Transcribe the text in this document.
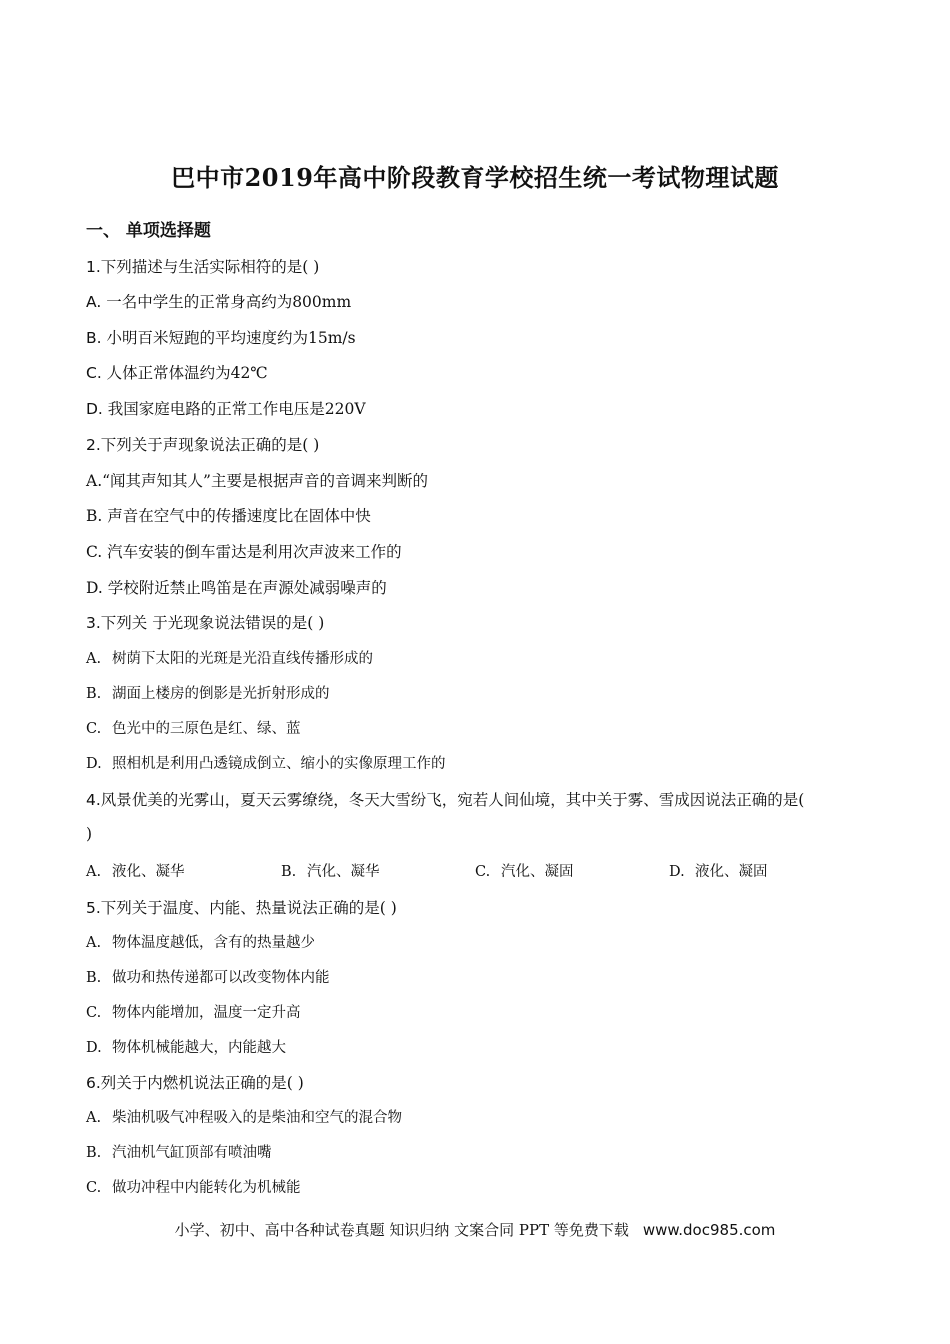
巴中市2019年高中阶段教育学校招生统一考试物理试题
一、 单项选择题
1.下列描述与生活实际相符的是( )
A. 一名中学生的正常身高约为800mm
B. 小明百米短跑的平均速度约为15m/s
C. 人体正常体温约为42℃
D. 我国家庭电路的正常工作电压是220V
2.下列关于声现象说法正确的是( )
A.“闻其声知其人”主要是根据声音的音调来判断的
B. 声音在空气中的传播速度比在固体中快
C. 汽车安装的倒车雷达是利用次声波来工作的
D. 学校附近禁止鸣笛是在声源处减弱噪声的
3.下列关 于光现象说法错误的是( )
A. 树荫下太阳的光斑是光沿直线传播形成的
B. 湖面上楼房的倒影是光折射形成的
C. 色光中的三原色是红、绿、蓝
D. 照相机是利用凸透镜成倒立、缩小的实像原理工作的
4.风景优美的光雾山，夏天云雾缭绕，冬天大雪纷飞，宛若人间仙境，其中关于雾、雪成因说法正确的是(
)
A. 液化、凝华	B. 汽化、凝华	C. 汽化、凝固	D. 液化、凝固
5.下列关于温度、内能、热量说法正确的是( )
A. 物体温度越低，含有的热量越少
B. 做功和热传递都可以改变物体内能
C. 物体内能增加，温度一定升高
D. 物体机械能越大，内能越大
6.列关于内燃机说法正确的是( )
A. 柴油机吸气冲程吸入的是柴油和空气的混合物
B. 汽油机气缸顶部有喷油嘴
C. 做功冲程中内能转化为机械能
小学、初中、高中各种试卷真题 知识归纳 文案合同 PPT 等免费下载 www.doc985.com
